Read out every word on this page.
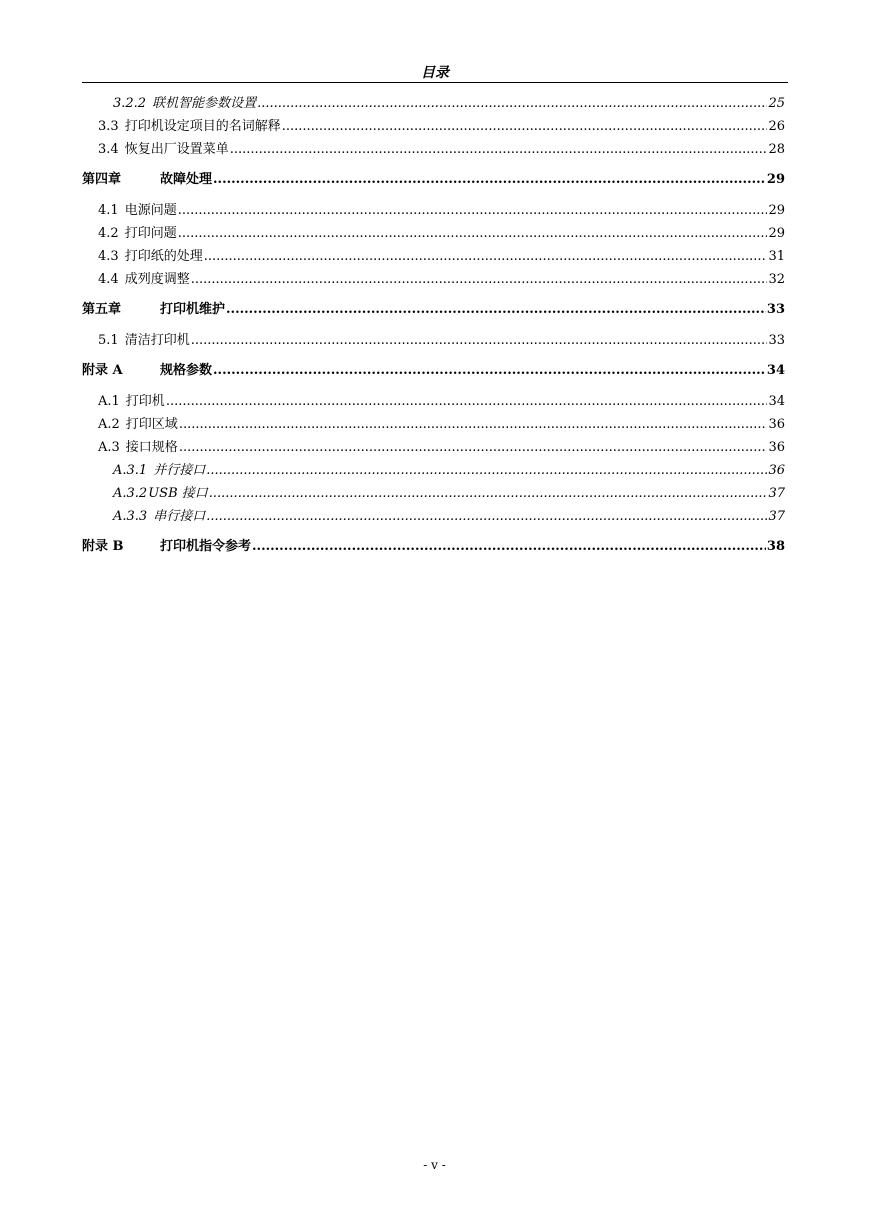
目录
3.2.2 联机智能参数设置 .....	25
3.3 打印机设定项目的名词解释 .....	26
3.4 恢复出厂设置菜单 .....	28
第四章	故障处理 .....	29
4.1 电源问题 .....	29
4.2 打印问题 .....	29
4.3 打印纸的处理 .....	31
4.4 成列度调整 .....	32
第五章	打印机维护 .....	33
5.1 清洁打印机 .....	33
附录 A	规格参数 .....	34
A.1 打印机 .....	34
A.2 打印区域 .....	36
A.3 接口规格 .....	36
A.3.1 并行接口 .....	36
A.3.2 USB 接口 .....	37
A.3.3 串行接口 .....	37
附录 B	打印机指令参考 .....	38
- v -
